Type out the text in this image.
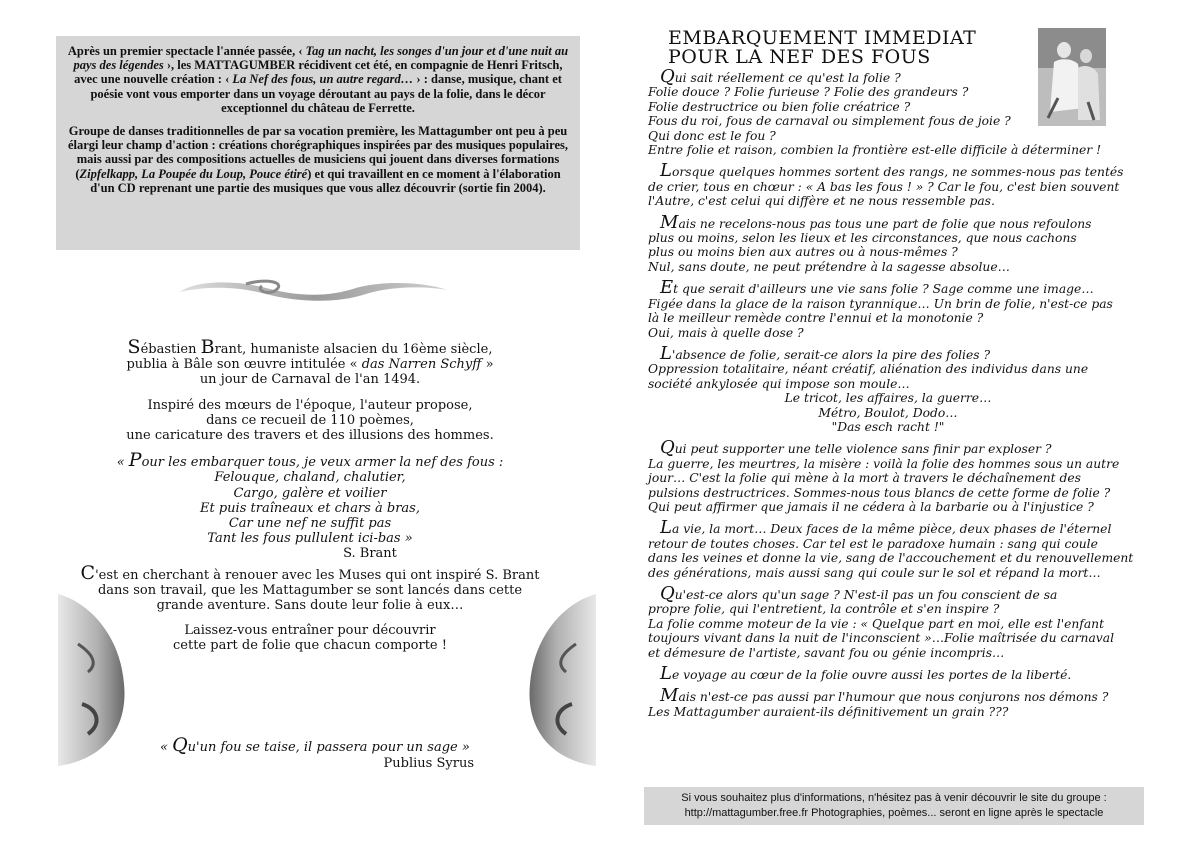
Après un premier spectacle l'année passée, ‹ Tag un nacht, les songes d'un jour et d'une nuit au pays des légendes ›, les MATTAGUMBER récidivent cet été, en compagnie de Henri Fritsch, avec une nouvelle création : ‹ La Nef des fous, un autre regard… › : danse, musique, chant et poésie vont vous emporter dans un voyage déroutant au pays de la folie, dans le décor exceptionnel du château de Ferrette.

Groupe de danses traditionnelles de par sa vocation première, les Mattagumber ont peu à peu élargi leur champ d'action : créations chorégraphiques inspirées par des musiques populaires, mais aussi par des compositions actuelles de musiciens qui jouent dans diverses formations (Zipfelkapp, La Poupée du Loup, Pouce étiré) et qui travaillent en ce moment à l'élaboration d'un CD reprenant une partie des musiques que vous allez découvrir (sortie fin 2004).

Sébastien Brant, humaniste alsacien du 16ème siècle,
publia à Bâle son œuvre intitulée « das Narren Schyff »
un jour de Carnaval de l'an 1494.
Inspiré des mœurs de l'époque, l'auteur propose,
dans ce recueil de 110 poèmes,
une caricature des travers et des illusions des hommes.
« Pour les embarquer tous, je veux armer la nef des fous :
Felouque, chaland, chalutier,
Cargo, galère et voilier
Et puis traîneaux et chars à bras,
Car une nef ne suffit pas
Tant les fous pullulent ici-bas »
S. Brant
C'est en cherchant à renouer avec les Muses qui ont inspiré S. Brant
dans son travail, que les Mattagumber se sont lancés dans cette
grande aventure. Sans doute leur folie à eux…
Laissez-vous entraîner pour découvrir
cette part de folie que chacun comporte !
« Qu'un fou se taise, il passera pour un sage »
Publius Syrus
EMBARQUEMENT IMMEDIAT
POUR LA NEF DES FOUS
Qui sait réellement ce qu'est la folie ?
Folie douce ? Folie furieuse ? Folie des grandeurs ?
Folie destructrice ou bien folie créatrice ?
Fous du roi, fous de carnaval ou simplement fous de joie ?
Qui donc est le fou ?
Entre folie et raison, combien la frontière est-elle difficile à déterminer !
Lorsque quelques hommes sortent des rangs, ne sommes-nous pas tentés
de crier, tous en chœur : « A bas les fous ! » ? Car le fou, c'est bien souvent
l'Autre, c'est celui qui diffère et ne nous ressemble pas.
Mais ne recelons-nous pas tous une part de folie que nous refoulons
plus ou moins, selon les lieux et les circonstances, que nous cachons
plus ou moins bien aux autres ou à nous-mêmes ?
Nul, sans doute, ne peut prétendre à la sagesse absolue…
Et que serait d'ailleurs une vie sans folie ? Sage comme une image…
Figée dans la glace de la raison tyrannique… Un brin de folie, n'est-ce pas
là le meilleur remède contre l'ennui et la monotonie ?
Oui, mais à quelle dose ?
L'absence de folie, serait-ce alors la pire des folies ?
Oppression totalitaire, néant créatif, aliénation des individus dans une
société ankylosée qui impose son moule…
Le tricot, les affaires, la guerre…
Métro, Boulot, Dodo…
"Das esch racht !"
Qui peut supporter une telle violence sans finir par exploser ?
La guerre, les meurtres, la misère : voilà la folie des hommes sous un autre
jour… C'est la folie qui mène à la mort à travers le déchaînement des
pulsions destructrices. Sommes-nous tous blancs de cette forme de folie ?
Qui peut affirmer que jamais il ne cédera à la barbarie ou à l'injustice ?
La vie, la mort… Deux faces de la même pièce, deux phases de l'éternel
retour de toutes choses. Car tel est le paradoxe humain : sang qui coule
dans les veines et donne la vie, sang de l'accouchement et du renouvellement
des générations, mais aussi sang qui coule sur le sol et répand la mort…
Qu'est-ce alors qu'un sage ? N'est-il pas un fou conscient de sa
propre folie, qui l'entretient, la contrôle et s'en inspire ?
La folie comme moteur de la vie : « Quelque part en moi, elle est l'enfant
toujours vivant dans la nuit de l'inconscient »…Folie maîtrisée du carnaval
et démesure de l'artiste, savant fou ou génie incompris…
Le voyage au cœur de la folie ouvre aussi les portes de la liberté.
Mais n'est-ce pas aussi par l'humour que nous conjurons nos démons ?
Les Mattagumber auraient-ils définitivement un grain ???
Si vous souhaitez plus d'informations, n'hésitez pas à venir découvrir le site du groupe :
http://mattagumber.free.fr Photographies, poèmes... seront en ligne après le spectacle
